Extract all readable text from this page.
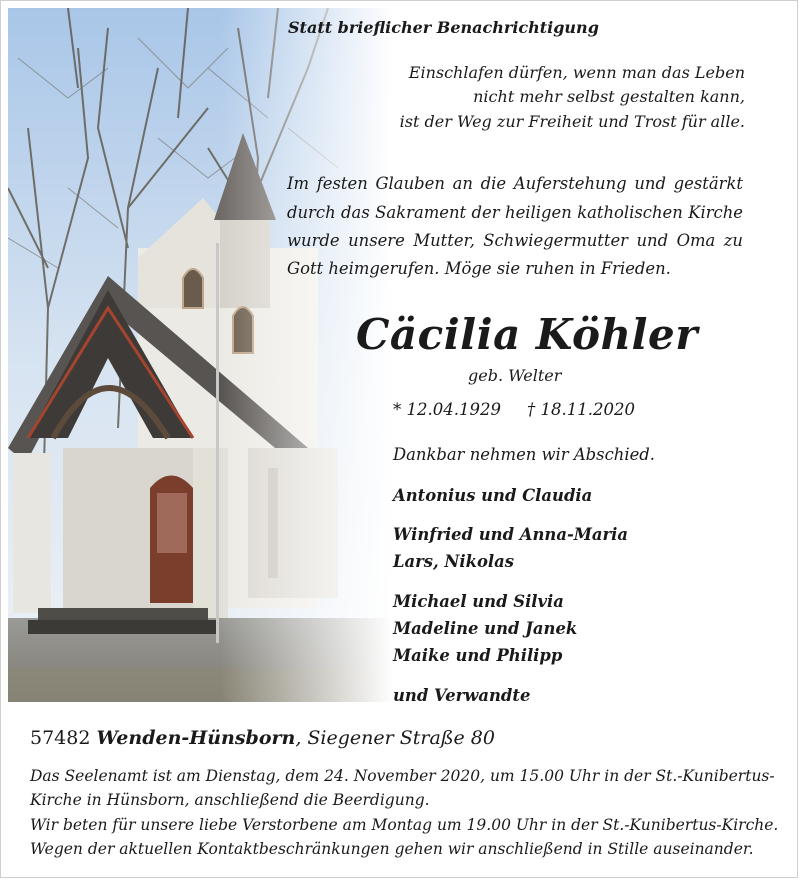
Statt brieflicher Benachrichtigung
Einschlafen dürfen, wenn man das Leben
nicht mehr selbst gestalten kann,
ist der Weg zur Freiheit und Trost für alle.
Im festen Glauben an die Auferstehung und gestärkt
durch das Sakrament der heiligen katholischen Kirche
wurde unsere Mutter, Schwiegermutter und Oma zu
Gott heimgerufen. Möge sie ruhen in Frieden.
Cäcilia Köhler
geb. Welter
* 12.04.1929 † 18.11.2020
Dankbar nehmen wir Abschied.
Antonius und Claudia
Winfried und Anna-Maria
Lars, Nikolas
Michael und Silvia
Madeline und Janek
Maike und Philipp
und Verwandte
57482 Wenden-Hünsborn, Siegener Straße 80
Das Seelenamt ist am Dienstag, dem 24. November 2020, um 15.00 Uhr in der St.-Kunibertus-
Kirche in Hünsborn, anschließend die Beerdigung.
Wir beten für unsere liebe Verstorbene am Montag um 19.00 Uhr in der St.-Kunibertus-Kirche.
Wegen der aktuellen Kontaktbeschränkungen gehen wir anschließend in Stille auseinander.
